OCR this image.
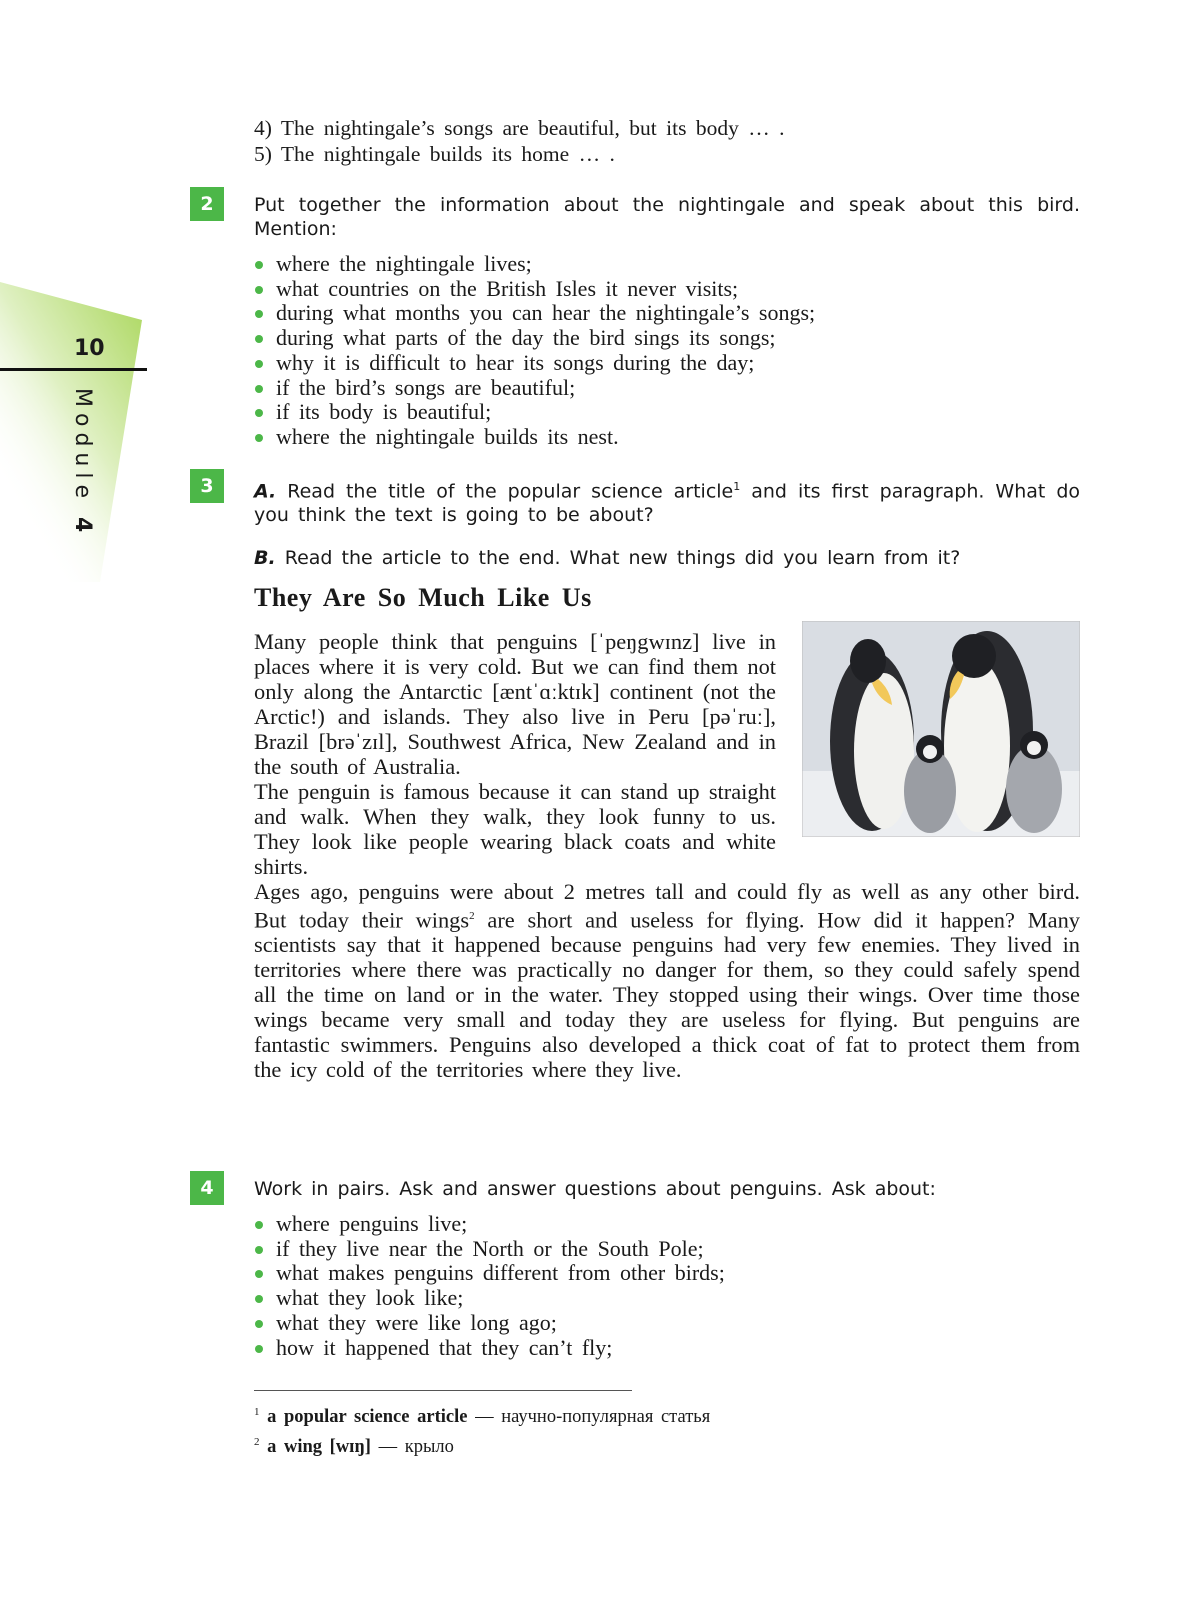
10
Module 4
4) The nightingale’s songs are beautiful, but its body … .
5) The nightingale builds its home … .
2	Put together the information about the nightingale and speak about this bird. Mention:
where the nightingale lives;
what countries on the British Isles it never visits;
during what months you can hear the nightingale’s songs;
during what parts of the day the bird sings its songs;
why it is difficult to hear its songs during the day;
if the bird’s songs are beautiful;
if its body is beautiful;
where the nightingale builds its nest.
3	A. Read the title of the popular science article$^1$ and its first paragraph. What do you think the text is going to be about?
B. Read the article to the end. What new things did you learn from it?
They Are So Much Like Us

Many people think that penguins [ˈpeŋgwɪnz] live in places where it is very cold. But we can find them not only along the Antarctic [æntˈɑːktɪk] continent (not the Arctic!) and islands. They also live in Peru [pəˈruː], Brazil [brəˈzɪl], Southwest Africa, New Zealand and in the south of Australia.

The penguin is famous because it can stand up straight and walk. When they walk, they look funny to us. They look like people wearing black coats and white shirts.

Ages ago, penguins were about 2 metres tall and could fly as well as any other bird. But today their wings$^2$ are short and useless for flying. How did it happen? Many scientists say that it happened because penguins had very few enemies. They lived in territories where there was practically no danger for them, so they could safely spend all the time on land or in the water. They stopped using their wings. Over time those wings became very small and today they are useless for flying. But penguins are fantastic swimmers. Penguins also developed a thick coat of fat to protect them from the icy cold of the territories where they live.

4	Work in pairs. Ask and answer questions about penguins. Ask about:
where penguins live;
if they live near the North or the South Pole;
what makes penguins different from other birds;
what they look like;
what they were like long ago;
how it happened that they can’t fly;
$^1$ a popular science article — научно-популярная статья
$^2$ a wing [wɪŋ] — крыло
